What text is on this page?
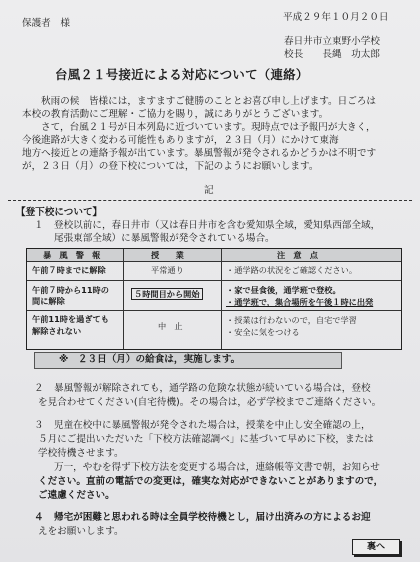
保護者　様
平成２９年１０月２０日
春日井市立東野小学校
校長　　長縄　功太郎
台風２１号接近による対応について（連絡）
秋雨の候　皆様には，ますますご健勝のこととお喜び申し上げます。日ごろは
本校の教育活動にご理解・ご協力を賜り，誠にありがとうございます。
さて，台風２１号が日本列島に近づいています。現時点では予報円が大きく，
今後進路が大きく変わる可能性もありますが，２３日（月）にかけて東海
地方へ接近との連絡予報が出ています。暴風警報が発令されるかどうかは不明です
が，２３日（月）の登下校については，下記のようにお願いします。
記
【登下校について】
１ 登校以前に，春日井市（又は春日井市を含む愛知県全域，愛知県西部全域，
尾張東部全域）に暴風警報が発令されている場合。
暴　風　警　報	授　　業	注　意　点
午前７時までに解除	平常通り	・通学路の状況をご確認ください。
午前７時から11時の
間に解除
５時間目から開始	・家で昼食後，通学班で登校。
・通学班で，集合場所を午後１時に出発
午前11時を過ぎても
解除されない	中　止
・授業は行わないので，自宅で学習
・安全に気をつける
※　２３日（月）の給食は，実施します。
２ 暴風警報が解除されても，通学路の危険な状態が続いている場合は，登校
を見合わせてください(自宅待機)。その場合は，必ず学校までご連絡ください。
３ 児童在校中に暴風警報が発令された場合は，授業を中止し安全確認の上，
５月にご提出いただいた「下校方法確認調べ」に基づいて早めに下校，または
学校待機させます。
万一，やむを得ず下校方法を変更する場合は，連絡帳等文書で朝，お知らせ
ください。直前の電話での変更は，確実な対応ができないことがありますので，
ご遠慮ください。
４ 帰宅が困難と思われる時は全員学校待機とし，届け出済みの方によるお迎
えをお願いします。
裏へ
